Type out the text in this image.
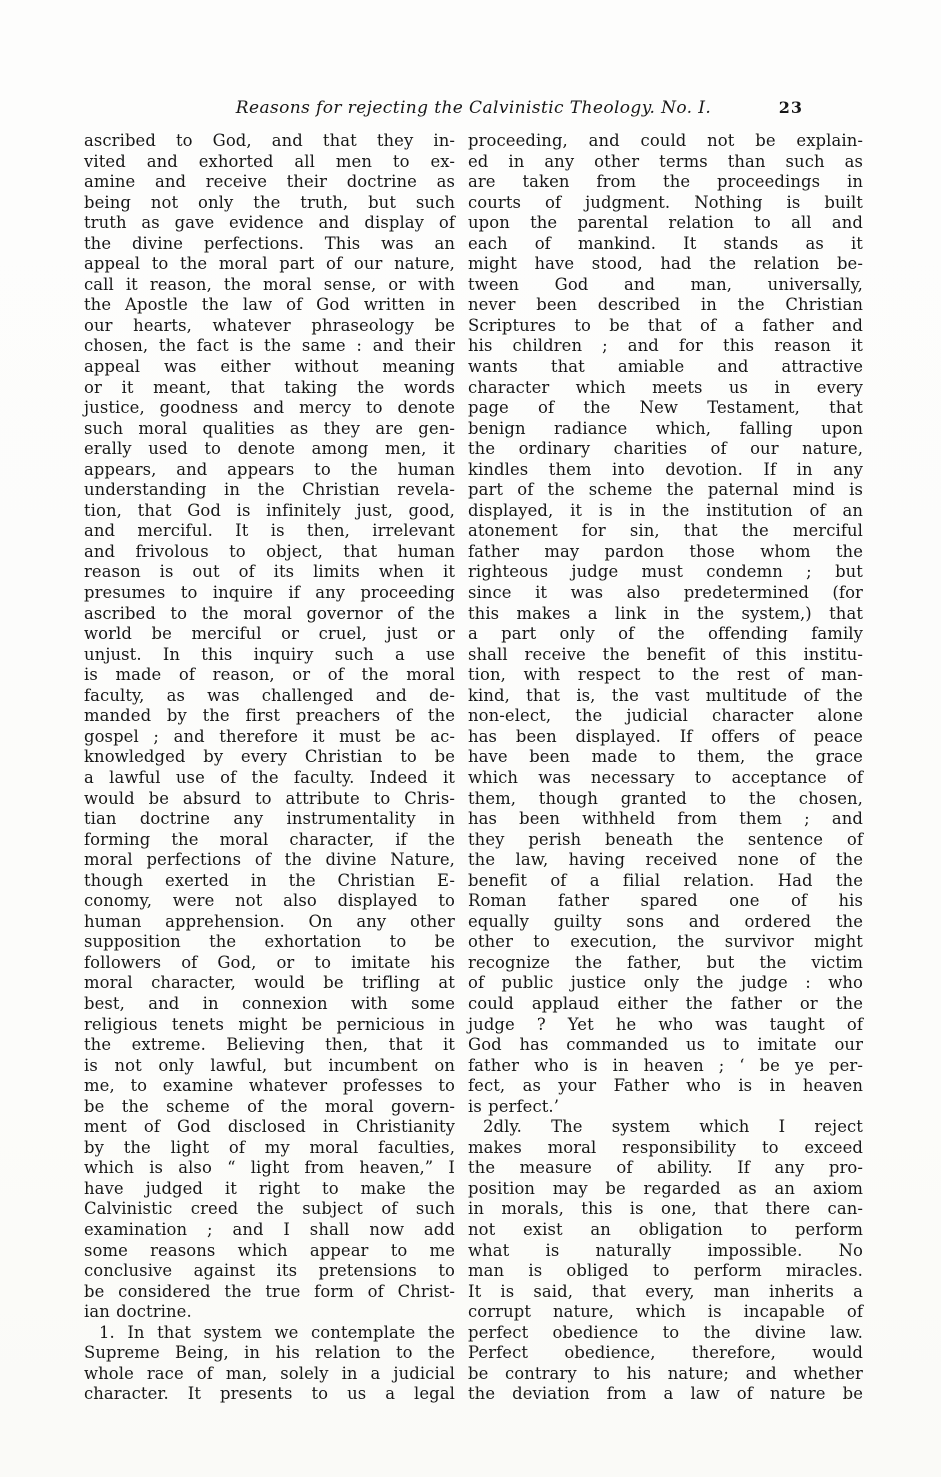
Reasons for rejecting the Calvinistic Theology. No. I.	23
ascribed to God, and that they in-
vited and exhorted all men to ex-
amine and receive their doctrine as
being not only the truth, but such
truth as gave evidence and display of
the divine perfections. This was an
appeal to the moral part of our nature,
call it reason, the moral sense, or with
the Apostle the law of God written in
our hearts, whatever phraseology be
chosen, the fact is the same : and their
appeal was either without meaning
or it meant, that taking the words
justice, goodness and mercy to denote
such moral qualities as they are gen-
erally used to denote among men, it
appears, and appears to the human
understanding in the Christian revela-
tion, that God is infinitely just, good,
and merciful. It is then, irrelevant
and frivolous to object, that human
reason is out of its limits when it
presumes to inquire if any proceeding
ascribed to the moral governor of the
world be merciful or cruel, just or
unjust. In this inquiry such a use
is made of reason, or of the moral
faculty, as was challenged and de-
manded by the first preachers of the
gospel ; and therefore it must be ac-
knowledged by every Christian to be
a lawful use of the faculty. Indeed it
would be absurd to attribute to Chris-
tian doctrine any instrumentality in
forming the moral character, if the
moral perfections of the divine Nature,
though exerted in the Christian E-
conomy, were not also displayed to
human apprehension. On any other
supposition the exhortation to be
followers of God, or to imitate his
moral character, would be trifling at
best, and in connexion with some
religious tenets might be pernicious in
the extreme. Believing then, that it
is not only lawful, but incumbent on
me, to examine whatever professes to
be the scheme of the moral govern-
ment of God disclosed in Christianity
by the light of my moral faculties,
which is also “ light from heaven,” I
have judged it right to make the
Calvinistic creed the subject of such
examination ; and I shall now add
some reasons which appear to me
conclusive against its pretensions to
be considered the true form of Christ-
ian doctrine.
1. In that system we contemplate the
Supreme Being, in his relation to the
whole race of man, solely in a judicial
character. It presents to us a legal
proceeding, and could not be explain-
ed in any other terms than such as
are taken from the proceedings in
courts of judgment. Nothing is built
upon the parental relation to all and
each of mankind. It stands as it
might have stood, had the relation be-
tween God and man, universally,
never been described in the Christian
Scriptures to be that of a father and
his children ; and for this reason it
wants that amiable and attractive
character which meets us in every
page of the New Testament, that
benign radiance which, falling upon
the ordinary charities of our nature,
kindles them into devotion. If in any
part of the scheme the paternal mind is
displayed, it is in the institution of an
atonement for sin, that the merciful
father may pardon those whom the
righteous judge must condemn ; but
since it was also predetermined (for
this makes a link in the system,) that
a part only of the offending family
shall receive the benefit of this institu-
tion, with respect to the rest of man-
kind, that is, the vast multitude of the
non-elect, the judicial character alone
has been displayed. If offers of peace
have been made to them, the grace
which was necessary to acceptance of
them, though granted to the chosen,
has been withheld from them ; and
they perish beneath the sentence of
the law, having received none of the
benefit of a filial relation. Had the
Roman father spared one of his
equally guilty sons and ordered the
other to execution, the survivor might
recognize the father, but the victim
of public justice only the judge : who
could applaud either the father or the
judge ? Yet he who was taught of
God has commanded us to imitate our
father who is in heaven ; ‘ be ye per-
fect, as your Father who is in heaven
is perfect.’
2dly. The system which I reject
makes moral responsibility to exceed
the measure of ability. If any pro-
position may be regarded as an axiom
in morals, this is one, that there can-
not exist an obligation to perform
what is naturally impossible. No
man is obliged to perform miracles.
It is said, that every, man inherits a
corrupt nature, which is incapable of
perfect obedience to the divine law.
Perfect obedience, therefore, would
be contrary to his nature; and whether
the deviation from a law of nature be
